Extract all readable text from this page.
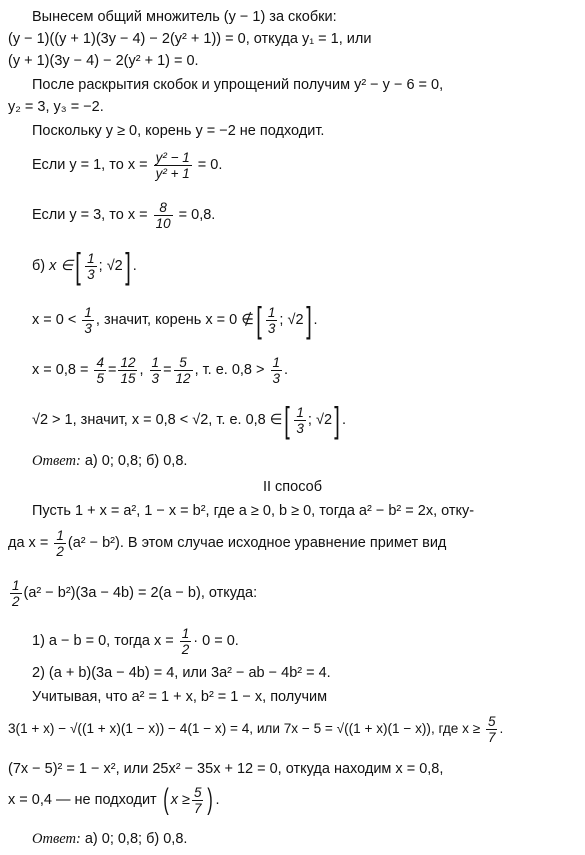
Вынесем общий множитель (y − 1) за скобки:
(y − 1)((y + 1)(3y − 4) − 2(y² + 1)) = 0, откуда y₁ = 1, или
(y + 1)(3y − 4) − 2(y² + 1) = 0.
После раскрытия скобок и упрощений получим y² − y − 6 = 0,
y₂ = 3, y₃ = −2.
Поскольку y ≥ 0, корень y = −2 не подходит.
Если y = 1, то $x = \frac{\text{y² − 1}}{\text{y² + 1}} = 0$.
Если y = 3, то $x = \frac{8}{10} = 0,8$.
б) x ∈[ $\frac{1}{3}$ ; √2] .
$x = 0 < \frac{1}{3}$ , значит, корень x = 0 ∉[ $\frac{1}{3}$ ; √2] .
$x = 0,8 = \frac{4}{5} = \frac{12}{15}$ , $\frac{1}{3} = \frac{5}{12}$ , т. е. $0,8 > \frac{1}{3}$ .
√2 > 1, значит, x = 0,8 < √2, т. е. 0,8 ∈[ $\frac{1}{3}$ ; √2] .
Ответ: а) 0; 0,8; б) 0,8.
II способ
Пусть 1 + x = a², 1 − x = b², где a ≥ 0, b ≥ 0, тогда a² − b² = 2x, отку-
да $x = \frac{1}{2} (a^2 - b^2)$. В этом случае исходное уравнение примет вид
$\frac{1}{2} (a^2 - b^2)(3a - 4b) = 2(a - b)$, откуда:
1) a − b = 0, тогда $x = \frac{1}{2} \cdot 0 = 0$.
2) (a + b)(3a − 4b) = 4, или 3a² − ab − 4b² = 4.
Учитывая, что a² = 1 + x, b² = 1 − x, получим
3(1 + x) − √((1 + x)(1 − x)) − 4(1 − x) = 4, или 7x − 5 = √((1 + x)(1 − x)), где $x \ge \frac{5}{7}$ .
(7x − 5)² = 1 − x², или 25x² − 35x + 12 = 0, откуда находим x = 0,8,
x = 0,4 — не подходит ( $x \ge \frac{5}{7}$ ) .
Ответ: а) 0; 0,8; б) 0,8.
